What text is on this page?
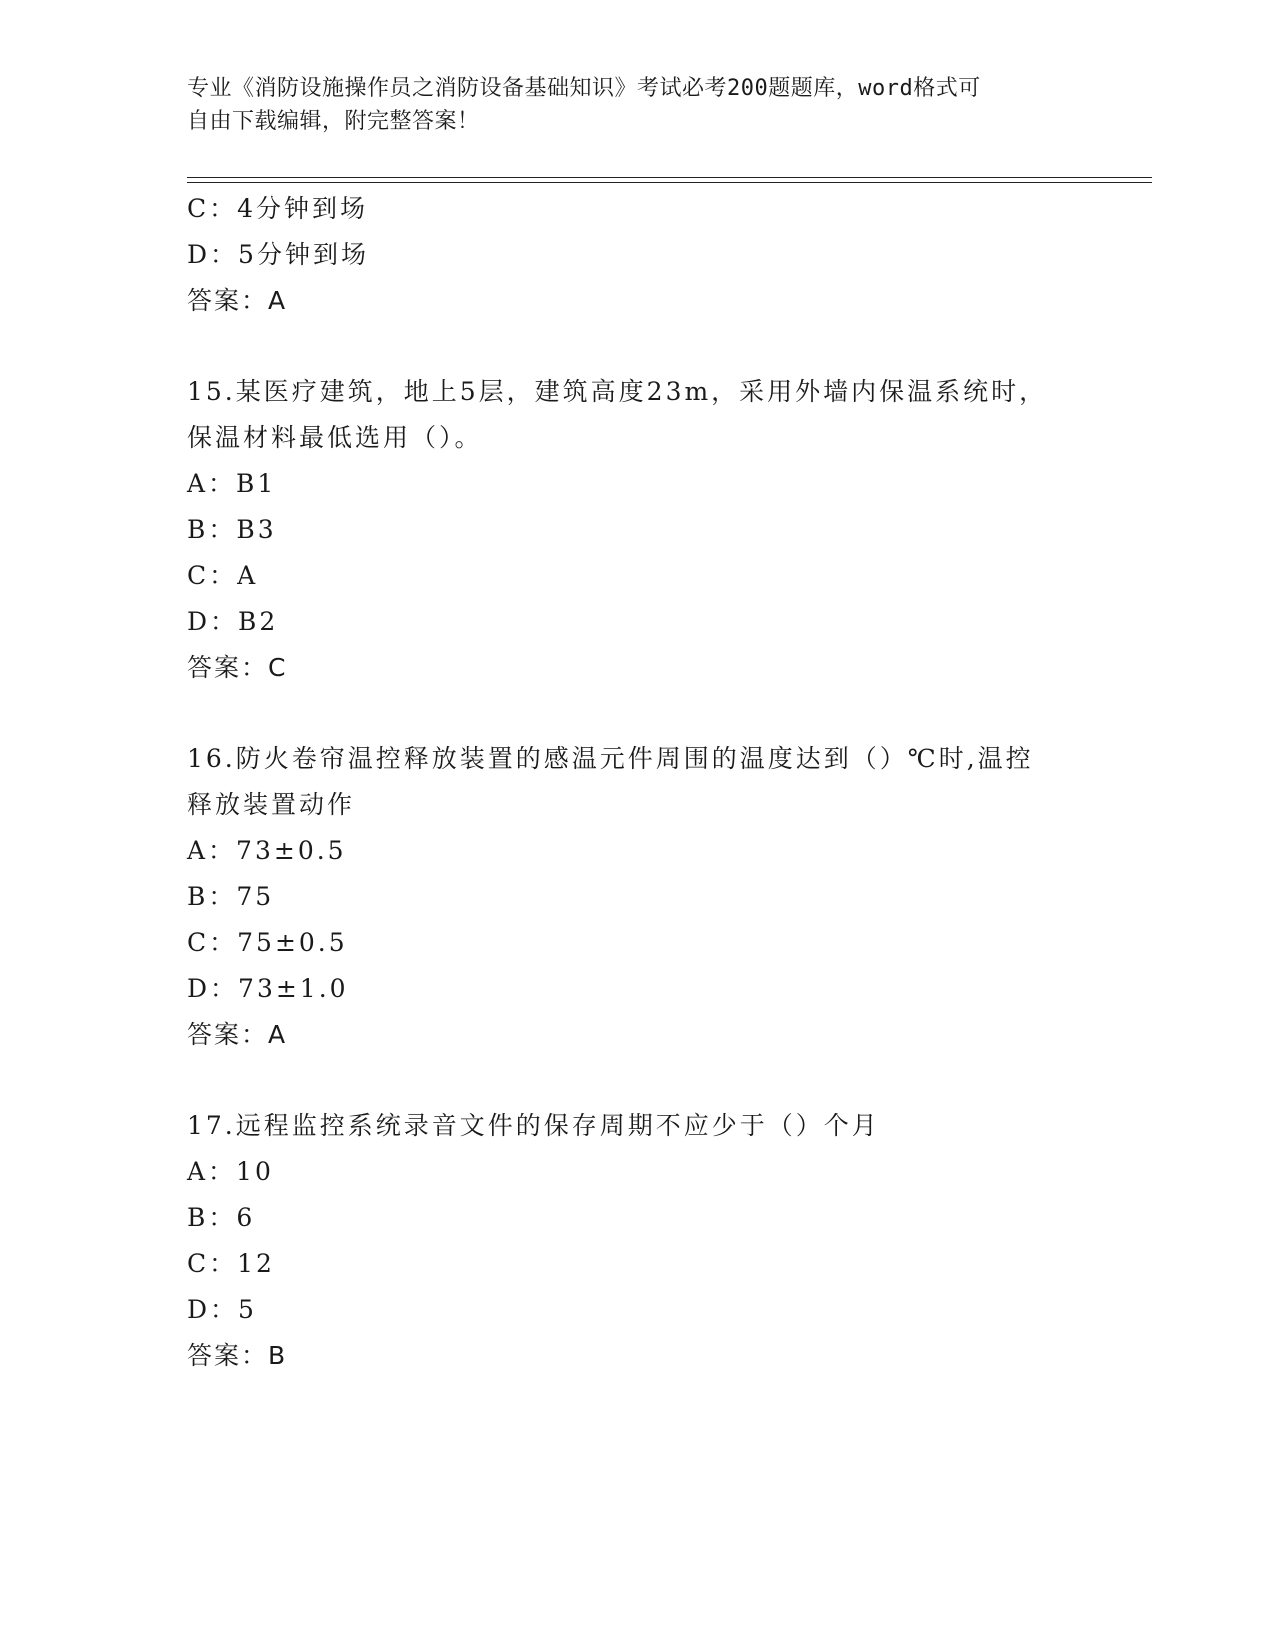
专业《消防设施操作员之消防设备基础知识》考试必考200题题库，word格式可
自由下载编辑，附完整答案！
C：4分钟到场
D：5分钟到场
答案：A
15.某医疗建筑，地上5层，建筑高度23m，采用外墙内保温系统时，
保温材料最低选用（）。
A：B1
B：B3
C：A
D：B2
答案：C
16.防火卷帘温控释放装置的感温元件周围的温度达到（）℃时,温控
释放装置动作
A：73±0.5
B：75
C：75±0.5
D：73±1.0
答案：A
17.远程监控系统录音文件的保存周期不应少于（）个月
A：10
B：6
C：12
D：5
答案：B
